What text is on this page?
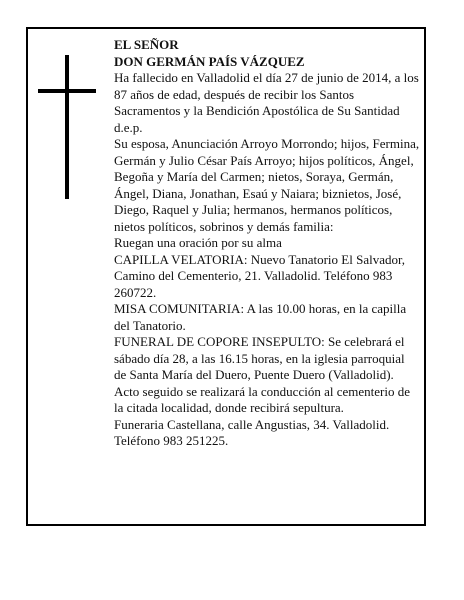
EL SEÑOR

DON GERMÁN PAÍS VÁZQUEZ

Ha fallecido en Valladolid el día 27 de junio de 2014, a los 87 años de edad, después de recibir los Santos Sacramentos y la Bendición Apostólica de Su Santidad d.e.p.

Su esposa, Anunciación Arroyo Morrondo; hijos, Fermina, Germán y Julio César País Arroyo; hijos políticos, Ángel, Begoña y María del Carmen; nietos, Soraya, Germán, Ángel, Diana, Jonathan, Esaú y Naiara; biznietos, José, Diego, Raquel y Julia; hermanos, hermanos políticos, nietos políticos, sobrinos y demás familia:

Ruegan una oración por su alma

CAPILLA VELATORIA: Nuevo Tanatorio El Salvador, Camino del Cementerio, 21. Valladolid. Teléfono 983 260722.

MISA COMUNITARIA: A las 10.00 horas, en la capilla del Tanatorio.

FUNERAL DE COPORE INSEPULTO: Se celebrará el sábado día 28, a las 16.15 horas, en la iglesia parroquial de Santa María del Duero, Puente Duero (Valladolid). Acto seguido se realizará la conducción al cementerio de la citada localidad, donde recibirá sepultura.

Funeraria Castellana, calle Angustias, 34. Valladolid. Teléfono 983 251225.
